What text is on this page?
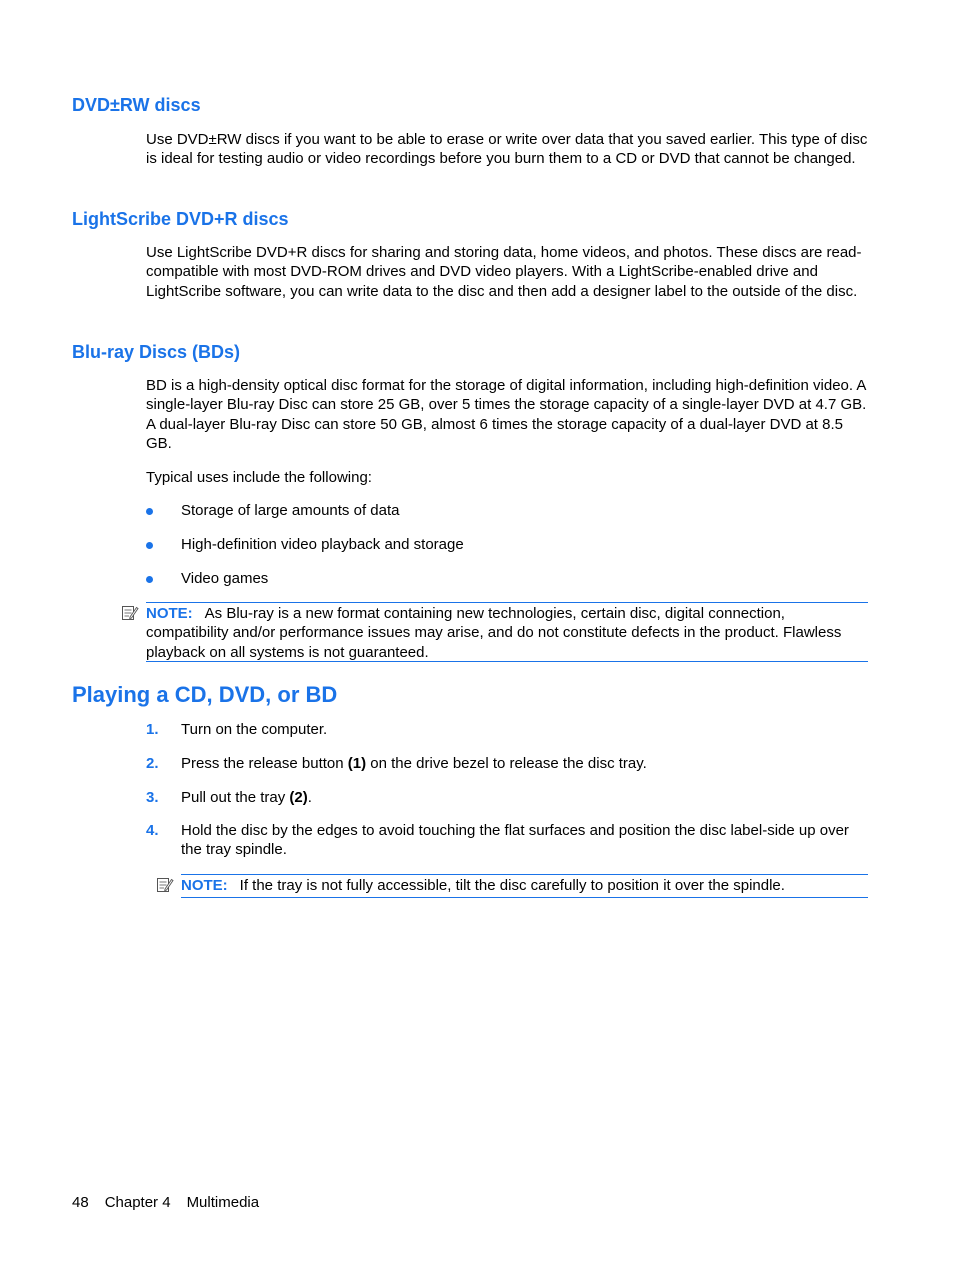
DVD±RW discs

Use DVD±RW discs if you want to be able to erase or write over data that you saved earlier. This type of disc is ideal for testing audio or video recordings before you burn them to a CD or DVD that cannot be changed.

LightScribe DVD+R discs

Use LightScribe DVD+R discs for sharing and storing data, home videos, and photos. These discs are read-compatible with most DVD-ROM drives and DVD video players. With a LightScribe-enabled drive and LightScribe software, you can write data to the disc and then add a designer label to the outside of the disc.

Blu-ray Discs (BDs)

BD is a high-density optical disc format for the storage of digital information, including high-definition video. A single-layer Blu-ray Disc can store 25 GB, over 5 times the storage capacity of a single-layer DVD at 4.7 GB. A dual-layer Blu-ray Disc can store 50 GB, almost 6 times the storage capacity of a dual-layer DVD at 8.5 GB.

Typical uses include the following:

Storage of large amounts of data
High-definition video playback and storage
Video games
NOTE: As Blu-ray is a new format containing new technologies, certain disc, digital connection, compatibility and/or performance issues may arise, and do not constitute defects in the product. Flawless playback on all systems is not guaranteed.
Playing a CD, DVD, or BD
1. Turn on the computer.
2. Press the release button (1) on the drive bezel to release the disc tray.
3. Pull out the tray (2).
4. Hold the disc by the edges to avoid touching the flat surfaces and position the disc label-side up over the tray spindle.
NOTE: If the tray is not fully accessible, tilt the disc carefully to position it over the spindle.
48 Chapter 4 Multimedia
